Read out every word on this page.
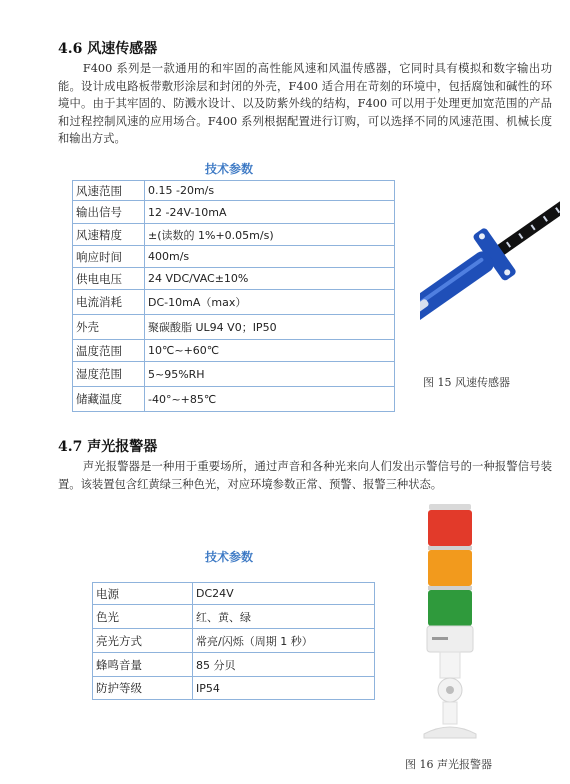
4.6 风速传感器
F400 系列是一款通用的和牢固的高性能风速和风温传感器，它同时具有模拟和数字输出功能。设计成电路板带敷形涂层和封闭的外壳，F400 适合用在苛刻的环境中，包括腐蚀和碱性的环境中。由于其牢固的、防溅水设计、以及防紫外线的结构，F400 可以用于处理更加宽范围的产品和过程控制风速的应用场合。F400 系列根据配置进行订购，可以选择不同的风速范围、机械长度和输出方式。
技术参数
风速范围	0.15 -20m/s
输出信号	12 -24V-10mA
风速精度	±(读数的 1%+0.05m/s)
响应时间	400m/s
供电电压	24 VDC/VAC±10%
电流消耗	DC-10mA（max）
外壳	聚碳酸脂 UL94 V0；IP50
温度范围	10℃~+60℃
湿度范围	5~95%RH
储藏温度	-40°~+85℃
图 15 风速传感器
4.7 声光报警器
声光报警器是一种用于重要场所，通过声音和各种光来向人们发出示警信号的一种报警信号装置。该装置包含红黄绿三种色光，对应环境参数正常、预警、报警三种状态。
技术参数
电源	DC24V
色光	红、黄、绿
亮光方式	常亮/闪烁（周期 1 秒）
蜂鸣音量	85 分贝
防护等级	IP54
图 16 声光报警器
